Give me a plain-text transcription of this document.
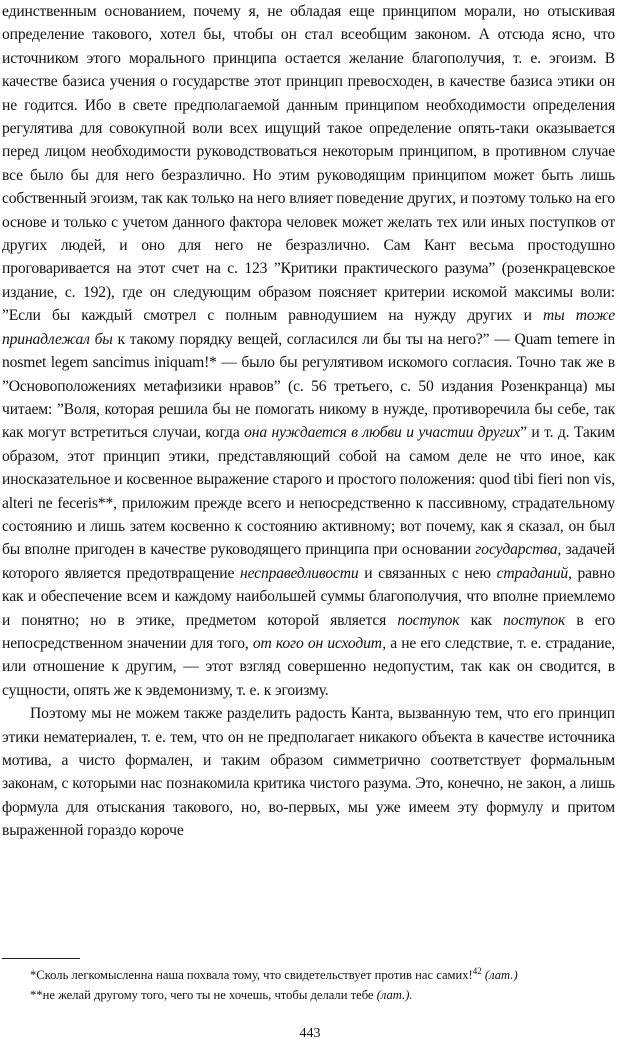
единственным основанием, почему я, не обладая еще принципом морали, но отыскивая определение такового, хотел бы, чтобы он стал всеобщим законом. А отсюда ясно, что источником этого морального принципа остается желание благополучия, т. е. эгоизм. В качестве базиса учения о государстве этот принцип превосходен, в качестве базиса этики он не годится. Ибо в свете предполагаемой данным принципом необходимости определения регулятива для совокупной воли всех ищущий такое определение опять-таки оказывается перед лицом необходимости руководствоваться некоторым принципом, в противном случае все было бы для него безразлично. Но этим руководящим принципом может быть лишь собственный эгоизм, так как только на него влияет поведение других, и поэтому только на его основе и только с учетом данного фактора человек может желать тех или иных поступков от других людей, и оно для него не безразлично. Сам Кант весьма простодушно проговаривается на этот счет на с. 123 ”Критики практического разума” (розенкрацевское издание, с. 192), где он следующим образом поясняет критерии искомой максимы воли: ”Если бы каждый смотрел с полным равнодушием на нужду других и ты тоже принадлежал бы к такому порядку вещей, согласился ли бы ты на него?” — Quam temere in nosmet legem sancimus iniquam!* — было бы регулятивом искомого согласия. Точно так же в ”Основоположениях метафизики нравов” (с. 56 третьего, с. 50 издания Розенкранца) мы читаем: ”Воля, которая решила бы не помогать никому в нужде, противоречила бы себе, так как могут встретиться случаи, когда она нуждается в любви и участии других” и т. д. Таким образом, этот принцип этики, представляющий собой на самом деле не что иное, как иносказательное и косвенное выражение старого и простого положения: quod tibi fieri non vis, alteri ne feceris**, приложим прежде всего и непосредственно к пассивному, страдательному состоянию и лишь затем косвенно к состоянию активному; вот почему, как я сказал, он был бы вполне пригоден в качестве руководящего принципа при основании государства, задачей которого является предотвращение несправедливости и связанных с нею страданий, равно как и обеспечение всем и каждому наибольшей суммы благополучия, что вполне приемлемо и понятно; но в этике, предметом которой является поступок как поступок в его непосредственном значении для того, от кого он исходит, а не его следствие, т. е. страдание, или отношение к другим, — этот взгляд совершенно недопустим, так как он сводится, в сущности, опять же к эвдемонизму, т. е. к эгоизму.

Поэтому мы не можем также разделить радость Канта, вызванную тем, что его принцип этики нематериален, т. е. тем, что он не предполагает никакого объекта в качестве источника мотива, а чисто формален, и таким образом симметрично соответствует формальным законам, с которыми нас познакомила критика чистого разума. Это, конечно, не закон, а лишь формула для отыскания такового, но, во-первых, мы уже имеем эту формулу и притом выраженной гораздо короче

*Сколь легкомысленна наша похвала тому, что свидетельствует против нас самих!$^{42}$ (лат.)

**не желай другому того, чего ты не хочешь, чтобы делали тебе (лат.).

443
